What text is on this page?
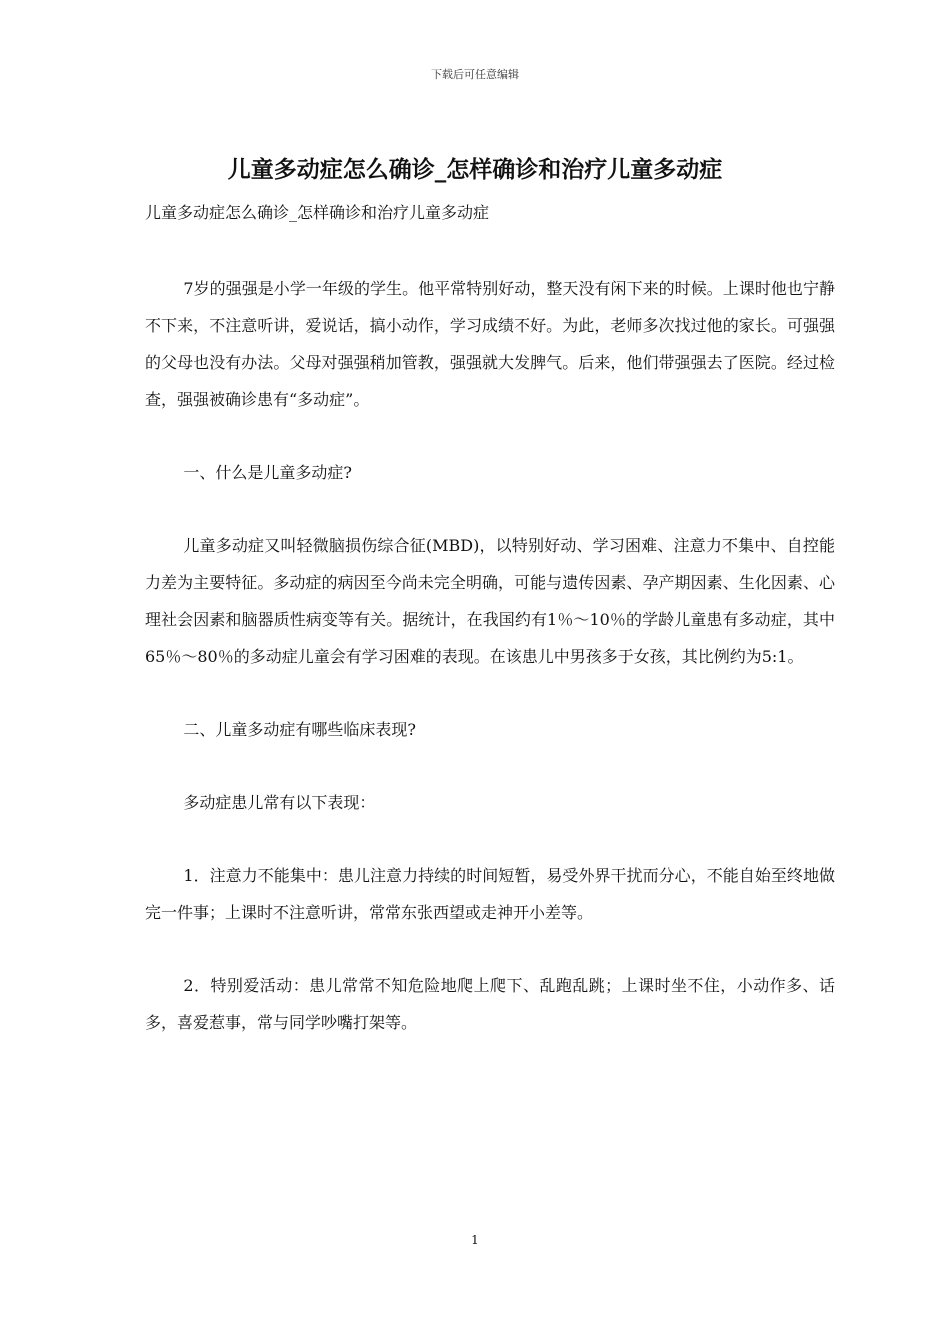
下载后可任意编辑
儿童多动症怎么确诊_怎样确诊和治疗儿童多动症

儿童多动症怎么确诊_怎样确诊和治疗儿童多动症

7岁的强强是小学一年级的学生。他平常特别好动，整天没有闲下来的时候。上课时他也宁静不下来，不注意听讲，爱说话，搞小动作，学习成绩不好。为此，老师多次找过他的家长。可强强的父母也没有办法。父母对强强稍加管教，强强就大发脾气。后来，他们带强强去了医院。经过检查，强强被确诊患有“多动症”。

一、什么是儿童多动症?

儿童多动症又叫轻微脑损伤综合征(MBD)，以特别好动、学习困难、注意力不集中、自控能力差为主要特征。多动症的病因至今尚未完全明确，可能与遗传因素、孕产期因素、生化因素、心理社会因素和脑器质性病变等有关。据统计，在我国约有1％～10％的学龄儿童患有多动症，其中65％～80％的多动症儿童会有学习困难的表现。在该患儿中男孩多于女孩，其比例约为5:1。

二、儿童多动症有哪些临床表现?

多动症患儿常有以下表现：

1．注意力不能集中：患儿注意力持续的时间短暂，易受外界干扰而分心，不能自始至终地做完一件事；上课时不注意听讲，常常东张西望或走神开小差等。

2．特别爱活动：患儿常常不知危险地爬上爬下、乱跑乱跳；上课时坐不住，小动作多、话多，喜爱惹事，常与同学吵嘴打架等。

1
